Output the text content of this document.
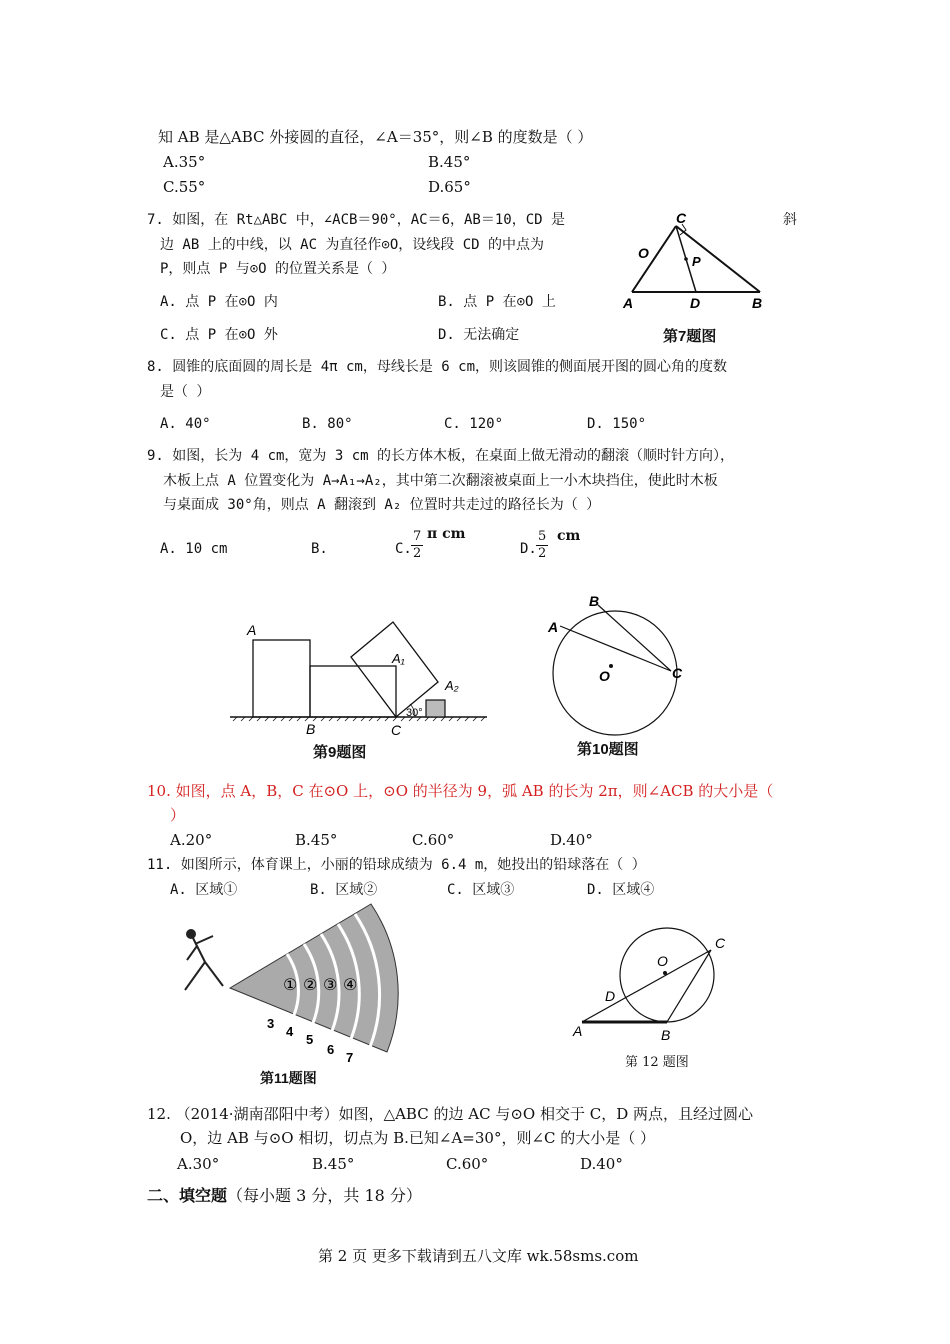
知 AB 是△ABC 外接圆的直径，∠A＝35°，则∠B 的度数是（ ）
A.35°	B.45°
C.55°	D.65°
7. 如图，在 Rt△ABC 中，∠ACB＝90°，AC＝6，AB＝10，CD 是	斜
边 AB 上的中线，以 AC 为直径作⊙O，设线段 CD 的中点为
P，则点 P 与⊙O 的位置关系是（ ）
A. 点 P 在⊙O 内	B. 点 P 在⊙O 上
C. 点 P 在⊙O 外	D. 无法确定
C
O
P
A	D	B
第7题图
8. 圆锥的底面圆的周长是 4π cm，母线长是 6 cm，则该圆锥的侧面展开图的圆心角的度数
是（ ）
A. 40°	B. 80°	C. 120°	D. 150°
9. 如图，长为 4 cm，宽为 3 cm 的长方体木板，在桌面上做无滑动的翻滚（顺时针方向），
木板上点 A 位置变化为 A→A₁→A₂，其中第二次翻滚被桌面上一小木块挡住，使此时木板
与桌面成 30°角，则点 A 翻滚到 A₂ 位置时共走过的路径长为（ ）
A. 10 cm	B.	C. $\frac{7}{2}$ π cm
D. $\frac{5}{2}$ cm
A
A₁
A₂
B	C
30°
第9题图
B
A
C
O
第10题图
10. 如图，点 A，B，C 在⊙O 上，⊙O 的半径为 9，弧 AB 的长为 2π，则∠ACB 的大小是（
）
A.20°	B.45°	C.60°	D.40°
11. 如图所示，体育课上，小丽的铅球成绩为 6.4 m，她投出的铅球落在（ ）
A. 区域①	B. 区域②	C. 区域③	D. 区域④
① ② ③ ④
3
4
5
6
7
第11题图
C
O
D
A	B
第 12 题图
12. （2014·湖南邵阳中考）如图，△ABC 的边 AC 与⊙O 相交于 C，D 两点，且经过圆心
O，边 AB 与⊙O 相切，切点为 B.已知∠A=30°，则∠C 的大小是（ ）
A.30°	B.45°	C.60°	D.40°
二、填空题（每小题 3 分，共 18 分）
第 2 页 更多下载请到五八文库 wk.58sms.com
